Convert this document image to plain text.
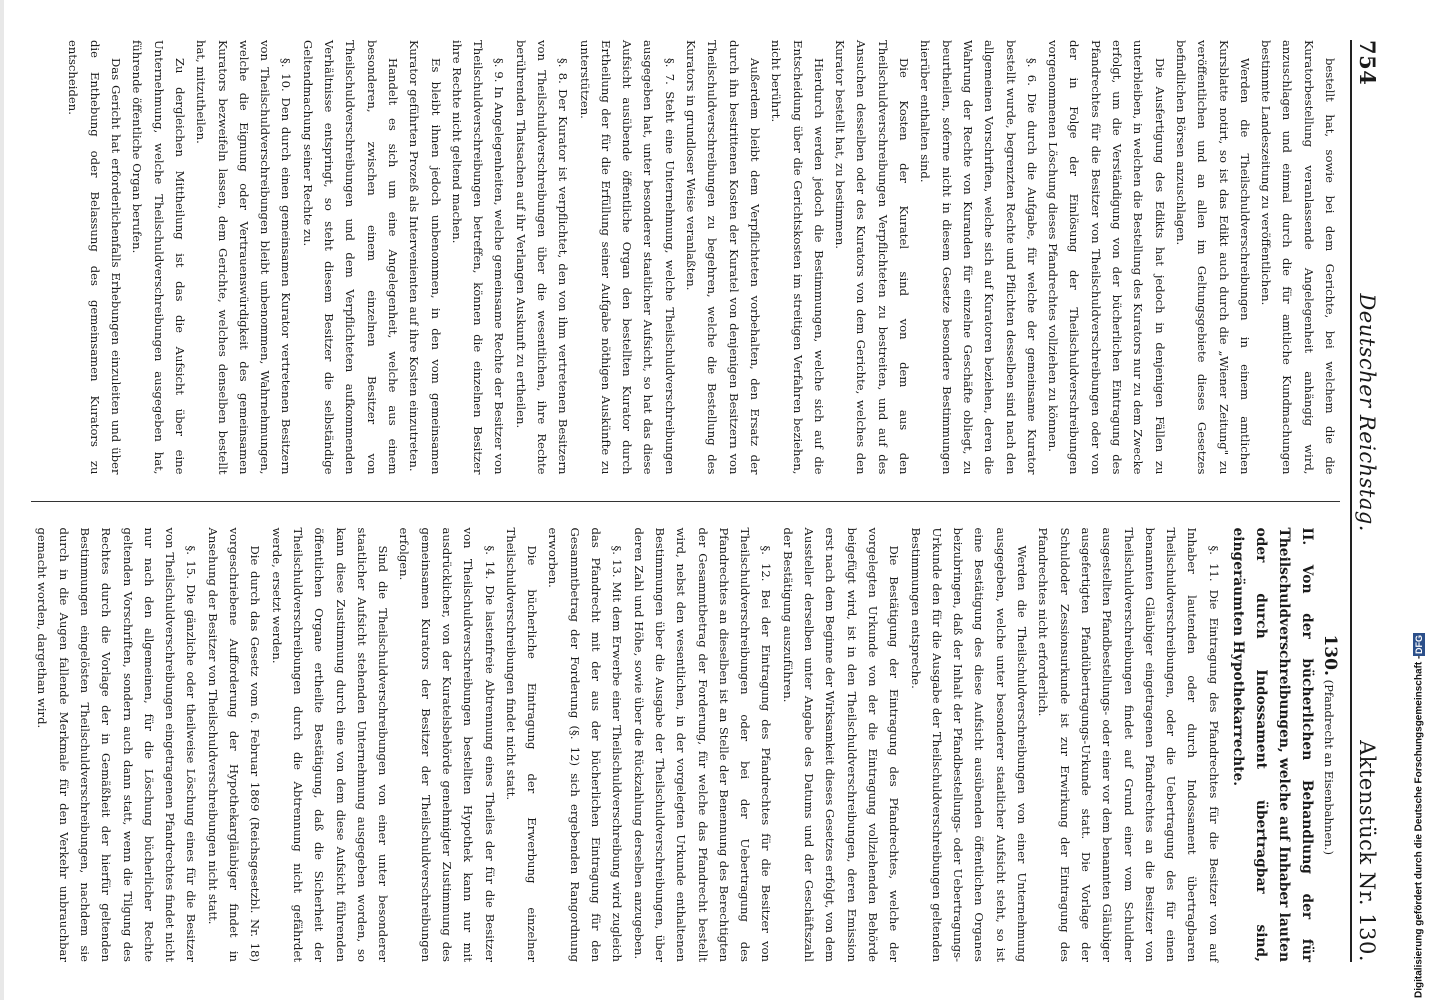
754
Deutscher Reichstag.
Aktenstück Nr. 130.

bestellt hat, sowie bei dem Gerichte, bei welchem die die Kuratorbestellung veranlassende Angelegenheit anhängig wird, anzuschlagen und einmal durch die für amtliche Kundmachungen bestimmte Landeszeitung zu veröffentlichen.

Werden die Theilschuldverschreibungen in einem amtlichen Kursblatte notirt, so ist das Edikt auch durch die „Wiener Zeitung" zu veröffentlichen und an allen im Geltungsgebiete dieses Gesetzes befindlichen Börsen anzuschlagen.

Die Ausfertigung des Edikts hat jedoch in denjenigen Fällen zu unterbleiben, in welchen die Bestellung des Kurators nur zu dem Zwecke erfolgt, um die Verständigung von der bücherlichen Eintragung des Pfandrechtes für die Besitzer von Theilschuldverschreibungen oder von der in Folge der Einlösung der Theilschuldverschreibungen vorgenommenen Löschung dieses Pfandrechtes vollziehen zu können.

§. 6. Die durch die Aufgabe, für welche der gemeinsame Kurator bestellt wurde, begrenzten Rechte und Pflichten desselben sind nach den allgemeinen Vorschriften, welche sich auf Kuratoren beziehen, deren die Wahrung der Rechte von Kuranden für einzelne Geschäfte obliegt, zu beurtheilen, soferne nicht in diesem Gesetze besondere Bestimmungen hierüber enthalten sind.

Die Kosten der Kuratel sind von dem aus den Theilschuldverschreibungen Verpflichteten zu bestreiten, und auf des Ansuchen desselben oder des Kurators von dem Gerichte, welches den Kurator bestellt hat, zu bestimmen.

Hierdurch werden jedoch die Bestimmungen, welche sich auf die Entscheidung über die Gerichtskosten im streitigen Verfahren beziehen, nicht berührt.

Außerdem bleibt dem Verpflichteten vorbehalten, den Ersatz der durch ihn bestrittenen Kosten der Kuratel von denjenigen Besitzern von Theilschuldverschreibungen zu begehren, welche die Bestellung des Kurators in grundloser Weise veranlaßten.

§. 7. Steht eine Unternehmung, welche Theilschuldverschreibungen ausgegeben hat, unter besonderer staatlicher Aufsicht, so hat das diese Aufsicht ausübende öffentliche Organ den bestellten Kurator durch Ertheilung der für die Erfüllung seiner Aufgabe nöthigen Auskünfte zu unterstützen.

§. 8. Der Kurator ist verpflichtet, den von ihm vertretenen Besitzern von Theilschuldverschreibungen über die wesentlichen, ihre Rechte berührenden Thatsachen auf ihr Verlangen Auskunft zu ertheilen.

§. 9. In Angelegenheiten, welche gemeinsame Rechte der Besitzer von Theilschuldverschreibungen betreffen, können die einzelnen Besitzer ihre Rechte nicht geltend machen.

Es bleibt ihnen jedoch unbenommen, in den vom gemeinsamen Kurator geführten Prozeß als Intervenienten auf ihre Kosten einzutreten.

Handelt es sich um eine Angelegenheit, welche aus einem besonderen, zwischen einem einzelnen Besitzer von Theilschuldverschreibungen und dem Verpflichteten aufkommenden Verhältnisse entspringt, so steht diesem Besitzer die selbständige Geltendmachung seiner Rechte zu.

§. 10. Den durch einen gemeinsamen Kurator vertretenen Besitzern von Theilschuldverschreibungen bleibt unbenommen, Wahrnehmungen, welche die Eignung oder Vertrauenswürdigkeit des gemeinsamen Kurators bezweifeln lassen, dem Gerichte, welches denselben bestellt hat, mitzutheilen.

Zu dergleichen Mittheilung ist das die Aufsicht über eine Unternehmung, welche Theilschuldverschreibungen ausgegeben hat, führende öffentliche Organ berufen.

Das Gericht hat erforderlichenfalls Erhebungen einzuleiten und über die Enthebung oder Belassung des gemeinsamen Kurators zu entscheiden.

130. (Pfandrecht an Eisenbahnen.)

II. Von der bücherlichen Behandlung der für Theilschuldverschreibungen, welche auf Inhaber lauten oder durch Indossament übertragbar sind, eingeräumten Hypothekarrechte.

§. 11. Die Eintragung des Pfandrechtes für die Besitzer von auf Inhaber lautenden oder durch Indossament übertragbaren Theilschuldverschreibungen, oder die Uebertragung des für einen benannten Gläubiger eingetragenen Pfandrechtes an die Besitzer von Theilschuldverschreibungen findet auf Grund einer vom Schuldner ausgestellten Pfandbestellungs- oder einer vor dem benannten Gläubiger ausgefertigten Pfandübertragungs-Urkunde statt. Die Vorlage der Schuldoder Zessionsurkunde ist zur Erwirkung der Eintragung des Pfandrechtes nicht erforderlich.

Werden die Theilschuldverschreibungen von einer Unternehmung ausgegeben, welche unter besonderer staatlicher Aufsicht steht, so ist eine Bestätigung des diese Aufsicht ausübenden öffentlichen Organes beizubringen, daß der Inhalt der Pfandbestellungs- oder Uebertragungs-Urkunde den für die Ausgabe der Theilschuldverschreibungen geltenden Bestimmungen entspreche.

Die Bestätigung der Eintragung des Pfandrechtes, welche der vorgelegten Urkunde von der die Eintragung vollziehenden Behörde beigefügt wird, ist in den Theilschuldverschreibungen, deren Emission erst nach dem Beginne der Wirksamkeit dieses Gesetzes erfolgt, von dem Aussteller derselben unter Angabe des Datums und der Geschäftszahl der Bestätigung auszuführen.

§. 12. Bei der Eintragung des Pfandrechtes für die Besitzer von Theilschuldverschreibungen oder bei der Uebertragung des Pfandrechtes an dieselben ist an Stelle der Benennung des Berechtigten der Gesammtbetrag der Forderung, für welche das Pfandrecht bestellt wird, nebst den wesentlichen, in der vorgelegten Urkunde enthaltenen Bestimmungen über die Ausgabe der Theilschuldverschreibungen, über deren Zahl und Höhe, sowie über die Rückzahlung derselben anzugeben.

§. 13. Mit dem Erwerbe einer Theilschuldverschreibung wird zugleich das Pfandrecht mit der aus der bücherlichen Eintragung für den Gesammtbetrag der Forderung (§. 12) sich ergebenden Rangordnung erworben.

Die bücherliche Eintragung der Erwerbung einzelner Theilschuldverschreibungen findet nicht statt.

§. 14. Die lastenfreie Abtrennung eines Theiles der für die Besitzer von Theilschuldverschreibungen bestellten Hypothek kann nur mit ausdrücklicher, von der Kuratelsbehörde genehmigter Zustimmung des gemeinsamen Kurators der Besitzer der Theilschuldverschreibungen erfolgen.

Sind die Theilschuldverschreibungen von einer unter besonderer staatlicher Aufsicht stehenden Unternehmung ausgegeben worden, so kann diese Zustimmung durch eine von dem diese Aufsicht führenden öffentlichen Organe ertheilte Bestätigung, daß die Sicherheit der Theilschuldverschreibungen durch die Abtrennung nicht gefährdet werde, ersetzt werden.

Die durch das Gesetz vom 6. Februar 1869 (Reichsgesetzbl. Nr. 18) vorgeschriebene Aufforderung der Hypothekargläubiger findet in Ansehung der Besitzer von Theilschuldverschreibungen nicht statt.

§. 15. Die gänzliche oder theilweise Löschung eines für die Besitzer von Theilschuldverschreibungen eingetragenen Pfandrechtes findet nicht nur nach den allgemeinen, für die Löschung bücherlicher Rechte geltenden Vorschriften, sondern auch dann statt, wenn die Tilgung des Rechtes durch die Vorlage der in Gemäßheit der hierfür geltenden Bestimmungen eingelösten Theilschuldverschreibungen, nachdem sie durch in die Augen fallende Merkmale für den Verkehr unbrauchbar gemacht worden, dargethan wird.

Digitalisierung gefördert durch die Deutsche Forschungsgemeinschaft -
DFG
